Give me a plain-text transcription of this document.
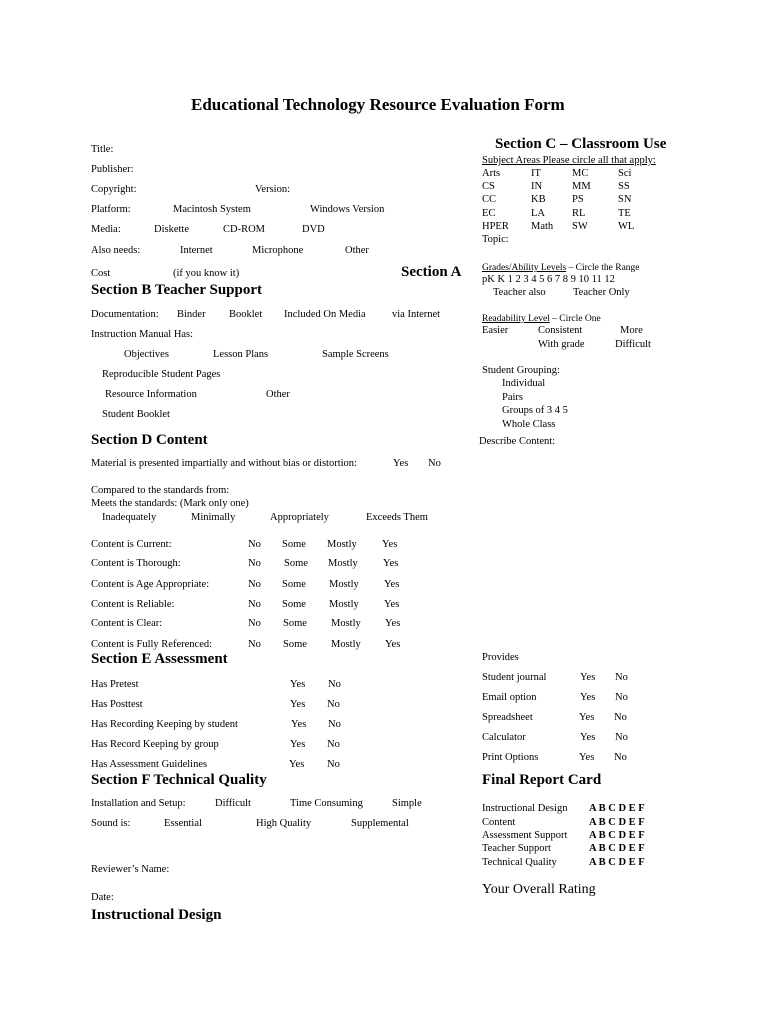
Educational Technology Resource Evaluation Form
Title:
Publisher:
Copyright:	Version:
Platform:	Macintosh System	Windows Version
Media:	Diskette	CD-ROM	DVD
Also needs:	Internet	Microphone	Other
Cost	(if you know it)	Section A
Section B Teacher Support
Documentation: Binder Booklet Included On Media	via Internet
Instruction Manual Has:
Objectives	Lesson Plans	Sample Screens
Reproducible Student Pages
Resource Information	Other
Student Booklet
Section D Content
Material is presented impartially and without bias or distortion:	Yes No
Compared to the standards from:
Meets the standards: (Mark only one)
Inadequately	Minimally	Appropriately	Exceeds Them
Content is Current:	No Some Mostly Yes
Content is Thorough:	No Some Mostly Yes
Content is Age Appropriate:	No Some Mostly Yes
Content is Reliable:	No Some Mostly Yes
Content is Clear:	No Some Mostly Yes
Content is Fully Referenced:	No Some Mostly Yes
Section E Assessment
Has Pretest	Yes No
Has Posttest	Yes No
Has Recording Keeping by student	Yes No
Has Record Keeping by group	Yes No
Has Assessment Guidelines	Yes No
Section F Technical Quality
Installation and Setup:	Difficult	Time Consuming	Simple
Sound is:	Essential	High Quality	Supplemental
Reviewer’s Name:
Date:
Instructional Design
Section C – Classroom Use
Subject Areas Please circle all that apply:
Arts	IT	MC	Sci
CS	IN	MM	SS
CC	KB	PS	SN
EC	LA	RL	TE
HPER Math SW	WL
Topic:
Grades/Ability Levels – Circle the Range
pK K 1 2 3 4 5 6 7 8 9 10 11 12
Teacher also	Teacher Only
Readability Level – Circle One
Easier	Consistent	More
With grade	Difficult
Student Grouping:
Individual
Pairs
Groups of 3 4 5
Whole Class
Describe Content:
Provides
Student journal	Yes No
Email option	Yes No
Spreadsheet	Yes No
Calculator	Yes No
Print Options	Yes No
Final Report Card
Instructional Design A B C D E F
Content	A B C D E F
Assessment Support A B C D E F
Teacher Support	A B C D E F
Technical Quality	A B C D E F
Your Overall Rating
